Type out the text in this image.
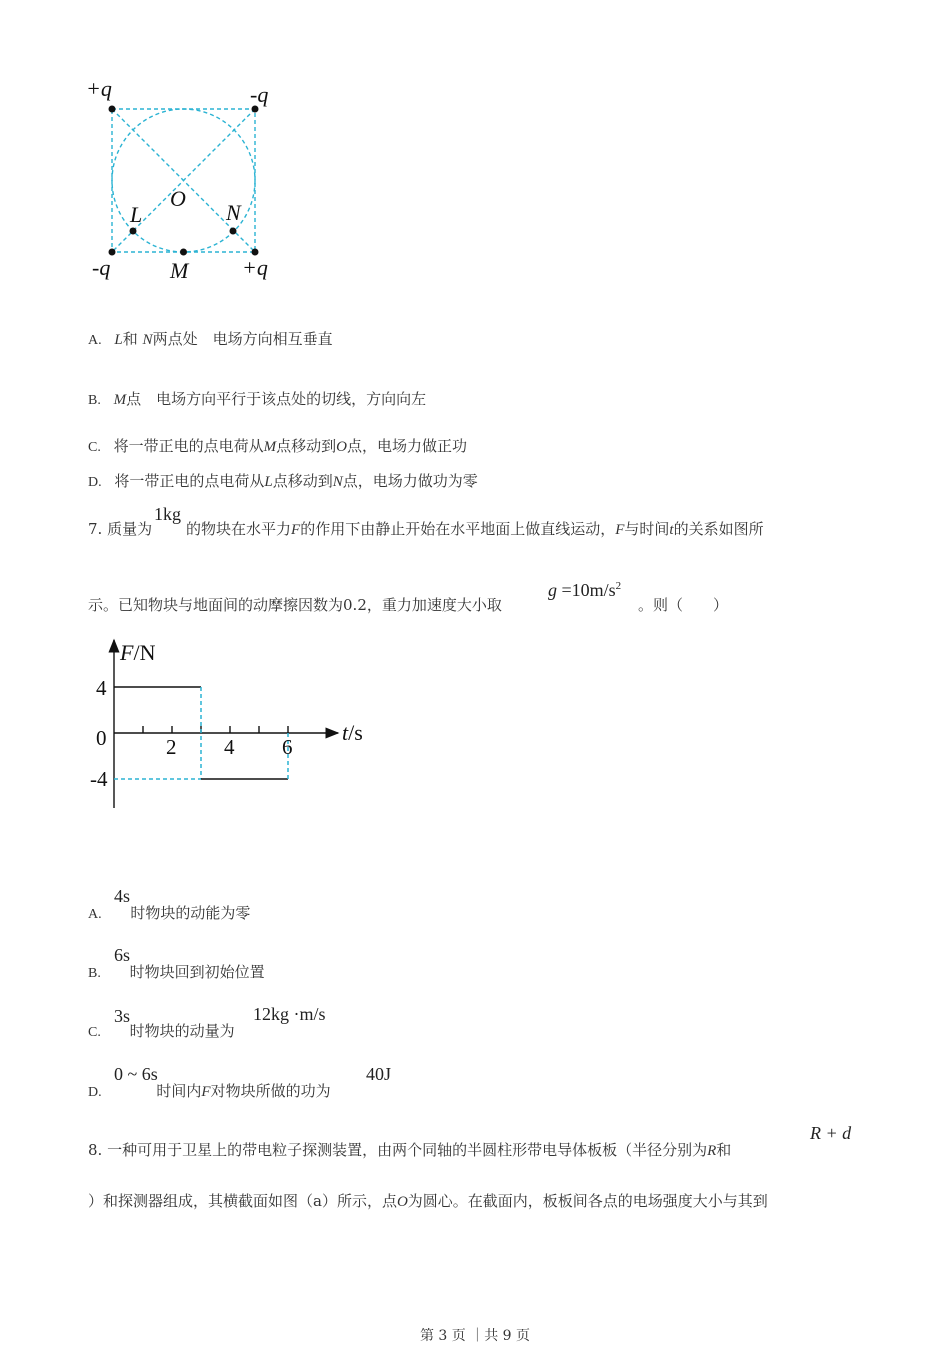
+q	-q
-q	+q
O
L	N
M
A. L和 N两点处　电场方向相互垂直
B. M点　电场方向平行于该点处的切线，方向向左
C. 将一带正电的点电荷从M点移动到O点，电场力做正功
D. 将一带正电的点电荷从L点移动到N点，电场力做功为零
7. 质量为
1kg
的物块在水平力F的作用下由静止开始在水平地面上做直线运动，F与时间t的关系如图所
示。已知物块与地面间的动摩擦因数为0.2，重力加速度大小取
$g =10m/s^2$
。则（　　）
F/N
t/s
4
0
-4
2 4 6
4s
A. 时物块的动能为零
6s
B. 时物块回到初始位置
3s
C. 时物块的动量为
12kg ·m/s
0 ~ 6s
D.	时间内F对物块所做的功为
40J
8. 一种可用于卫星上的带电粒子探测装置，由两个同轴的半圆柱形带电导体板板（半径分别为R和
R + d
）和探测器组成，其横截面如图（a）所示，点O为圆心。在截面内，板板间各点的电场强度大小与其到
第 3 页 ｜共 9 页
